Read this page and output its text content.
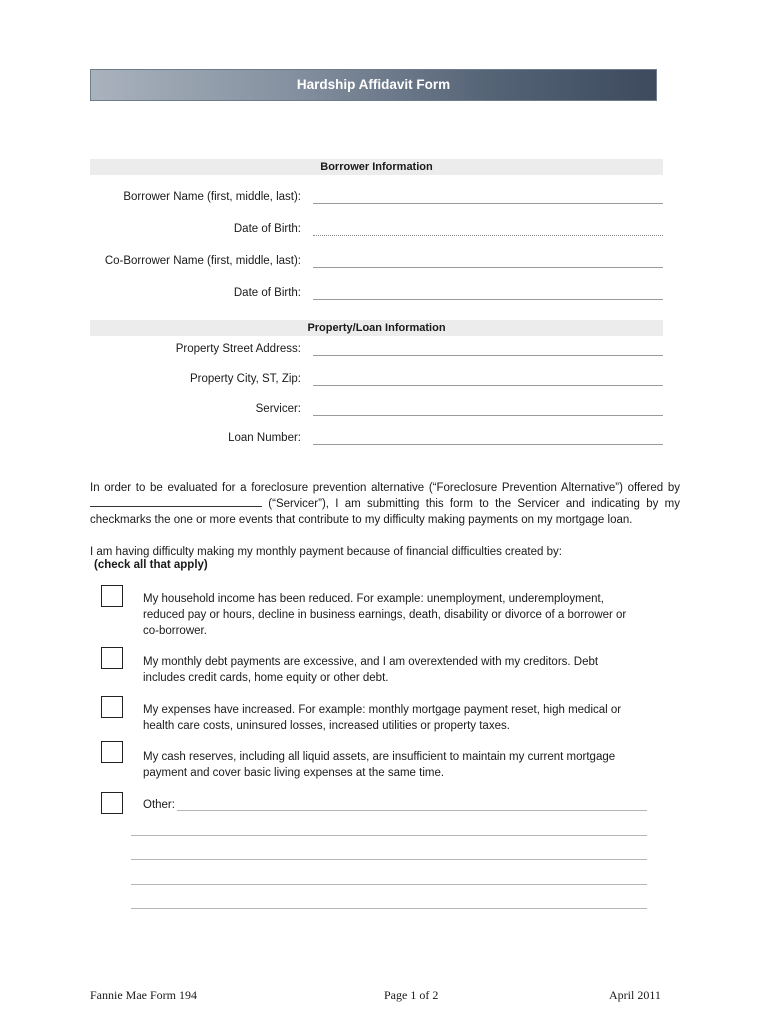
Hardship Affidavit Form
Borrower Information
Borrower Name (first, middle, last):
Date of Birth:
Co-Borrower Name (first, middle, last):
Date of Birth:
Property/Loan Information
Property Street Address:
Property City, ST, Zip:
Servicer:
Loan Number:

In order to be evaluated for a foreclosure prevention alternative (“Foreclosure Prevention Alternative”) offered by  (“Servicer”), I am submitting this form to the Servicer and indicating by my checkmarks the one or more events that contribute to my difficulty making payments on my mortgage loan.

I am having difficulty making my monthly payment because of financial difficulties created by:
(check all that apply)
My household income has been reduced. For example: unemployment, underemployment, reduced pay or hours, decline in business earnings, death, disability or divorce of a borrower or co-borrower.
My monthly debt payments are excessive, and I am overextended with my creditors. Debt includes credit cards, home equity or other debt.
My expenses have increased. For example: monthly mortgage payment reset, high medical or health care costs, uninsured losses, increased utilities or property taxes.
My cash reserves, including all liquid assets, are insufficient to maintain my current mortgage payment and cover basic living expenses at the same time.
Other:
Fannie Mae Form 194	Page 1 of 2	April 2011
